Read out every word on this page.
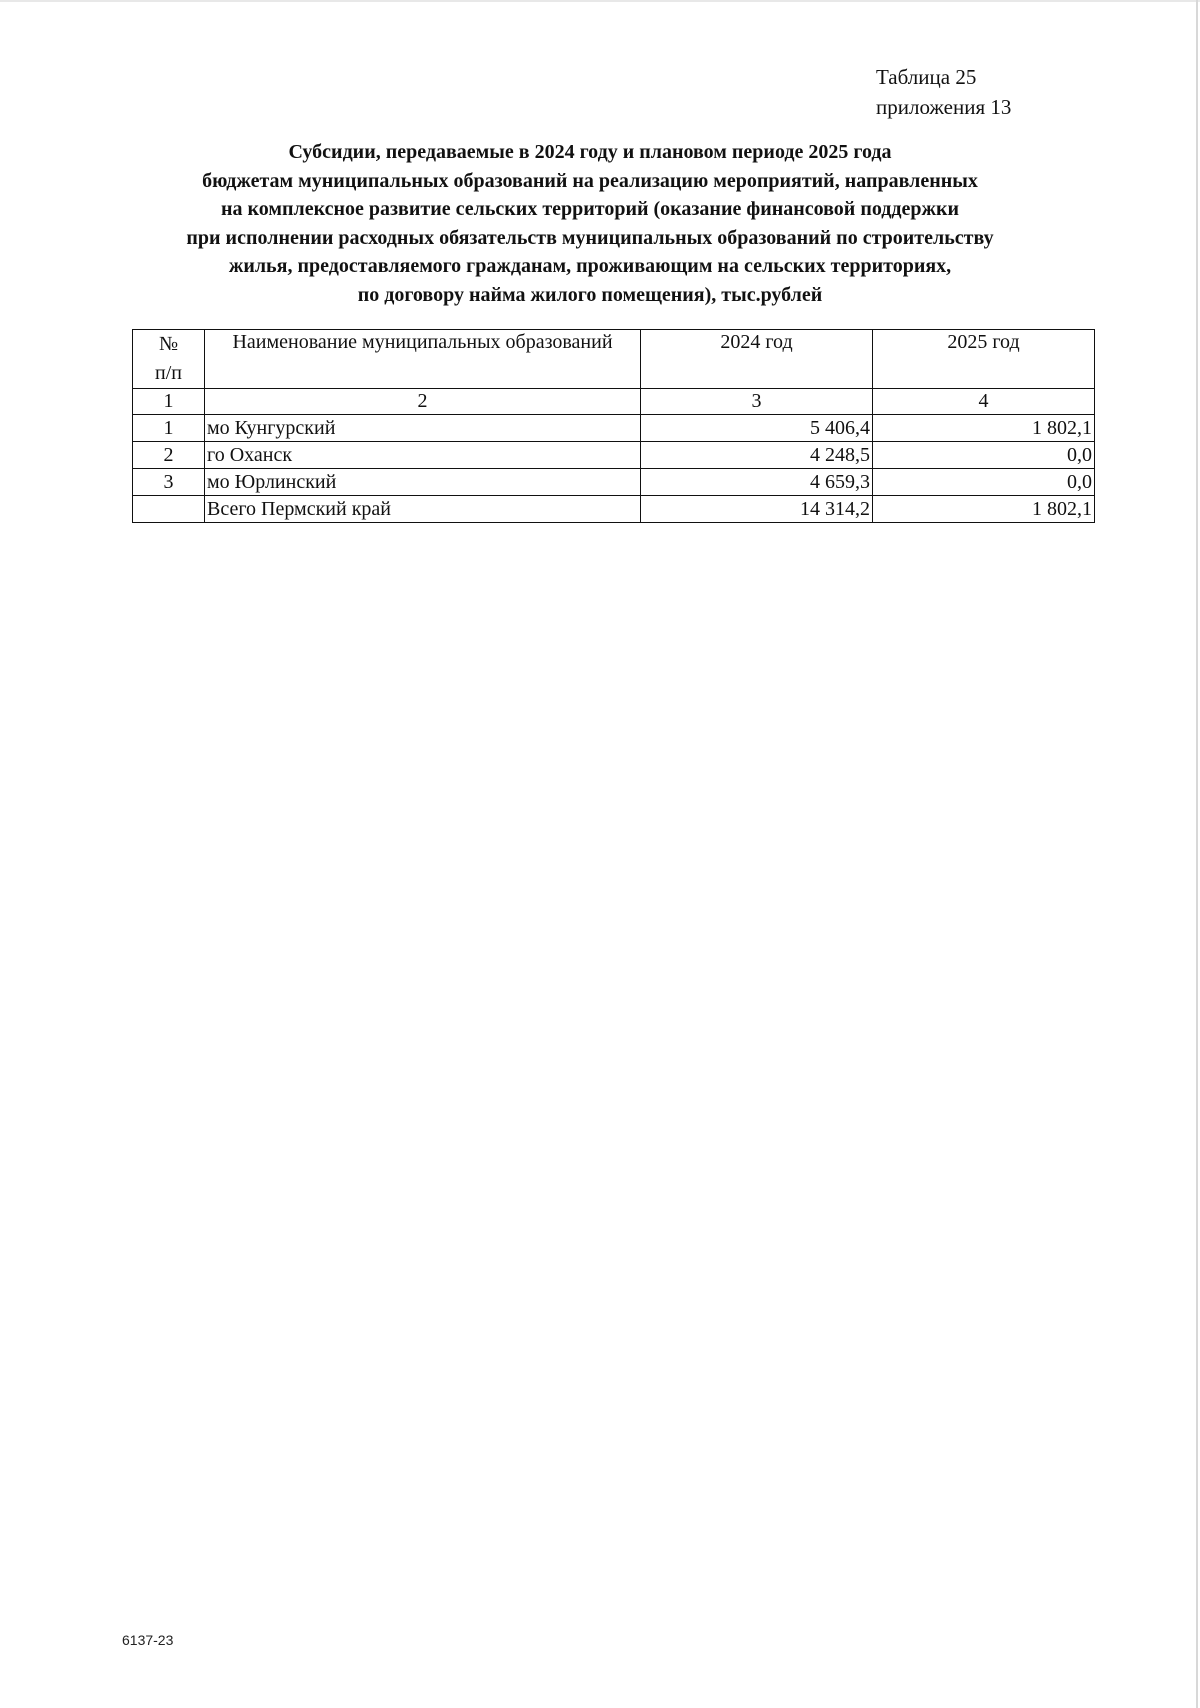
Таблица 25
приложения 13
Субсидии, передаваемые в 2024 году и плановом периоде 2025 года
бюджетам муниципальных образований на реализацию мероприятий, направленных
на комплексное развитие сельских территорий (оказание финансовой поддержки
при исполнении расходных обязательств муниципальных образований по строительству
жилья, предоставляемого гражданам, проживающим на сельских территориях,
по договору найма жилого помещения), тыс.рублей
№
п/п	Наименование муниципальных образований	2024 год	2025 год
1	2	3	4
1	мо Кунгурский	5 406,4	1 802,1
2	го Оханск	4 248,5	0,0
3	мо Юрлинский	4 659,3	0,0
	Всего Пермский край	14 314,2	1 802,1
6137-23
